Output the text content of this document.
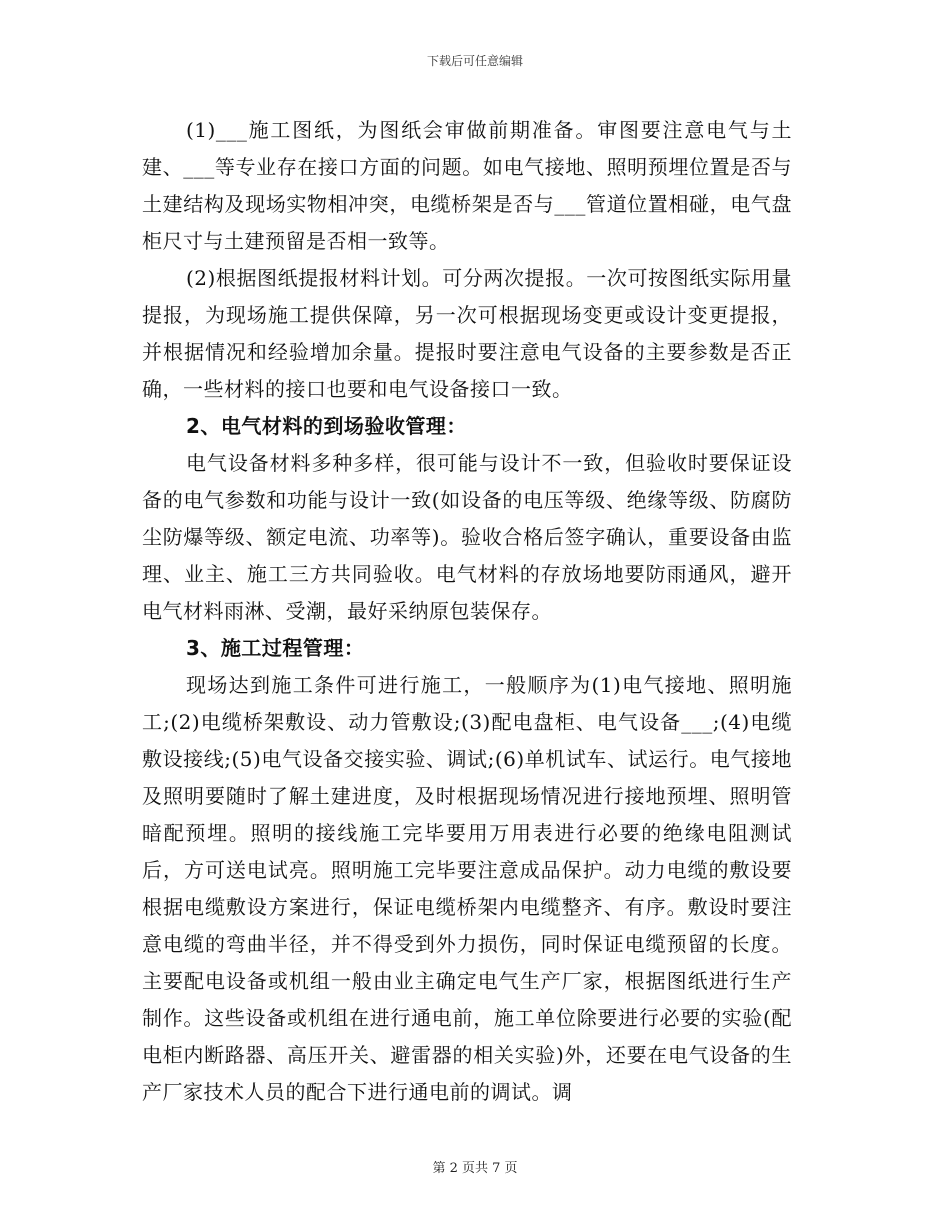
下载后可任意编辑

(1)___施工图纸，为图纸会审做前期准备。审图要注意电气与土建、___等专业存在接口方面的问题。如电气接地、照明预埋位置是否与土建结构及现场实物相冲突，电缆桥架是否与___管道位置相碰，电气盘柜尺寸与土建预留是否相一致等。

(2)根据图纸提报材料计划。可分两次提报。一次可按图纸实际用量提报，为现场施工提供保障，另一次可根据现场变更或设计变更提报，并根据情况和经验增加余量。提报时要注意电气设备的主要参数是否正确，一些材料的接口也要和电气设备接口一致。

2、电气材料的到场验收管理：

电气设备材料多种多样，很可能与设计不一致，但验收时要保证设备的电气参数和功能与设计一致(如设备的电压等级、绝缘等级、防腐防尘防爆等级、额定电流、功率等)。验收合格后签字确认，重要设备由监理、业主、施工三方共同验收。电气材料的存放场地要防雨通风，避开电气材料雨淋、受潮，最好采纳原包装保存。

3、施工过程管理：

现场达到施工条件可进行施工，一般顺序为(1)电气接地、照明施工;(2)电缆桥架敷设、动力管敷设;(3)配电盘柜、电气设备___;(4)电缆敷设接线;(5)电气设备交接实验、调试;(6)单机试车、试运行。电气接地及照明要随时了解土建进度，及时根据现场情况进行接地预埋、照明管暗配预埋。照明的接线施工完毕要用万用表进行必要的绝缘电阻测试后，方可送电试亮。照明施工完毕要注意成品保护。动力电缆的敷设要根据电缆敷设方案进行，保证电缆桥架内电缆整齐、有序。敷设时要注意电缆的弯曲半径，并不得受到外力损伤，同时保证电缆预留的长度。主要配电设备或机组一般由业主确定电气生产厂家，根据图纸进行生产制作。这些设备或机组在进行通电前，施工单位除要进行必要的实验(配电柜内断路器、高压开关、避雷器的相关实验)外，还要在电气设备的生产厂家技术人员的配合下进行通电前的调试。调

第 2 页共 7 页
